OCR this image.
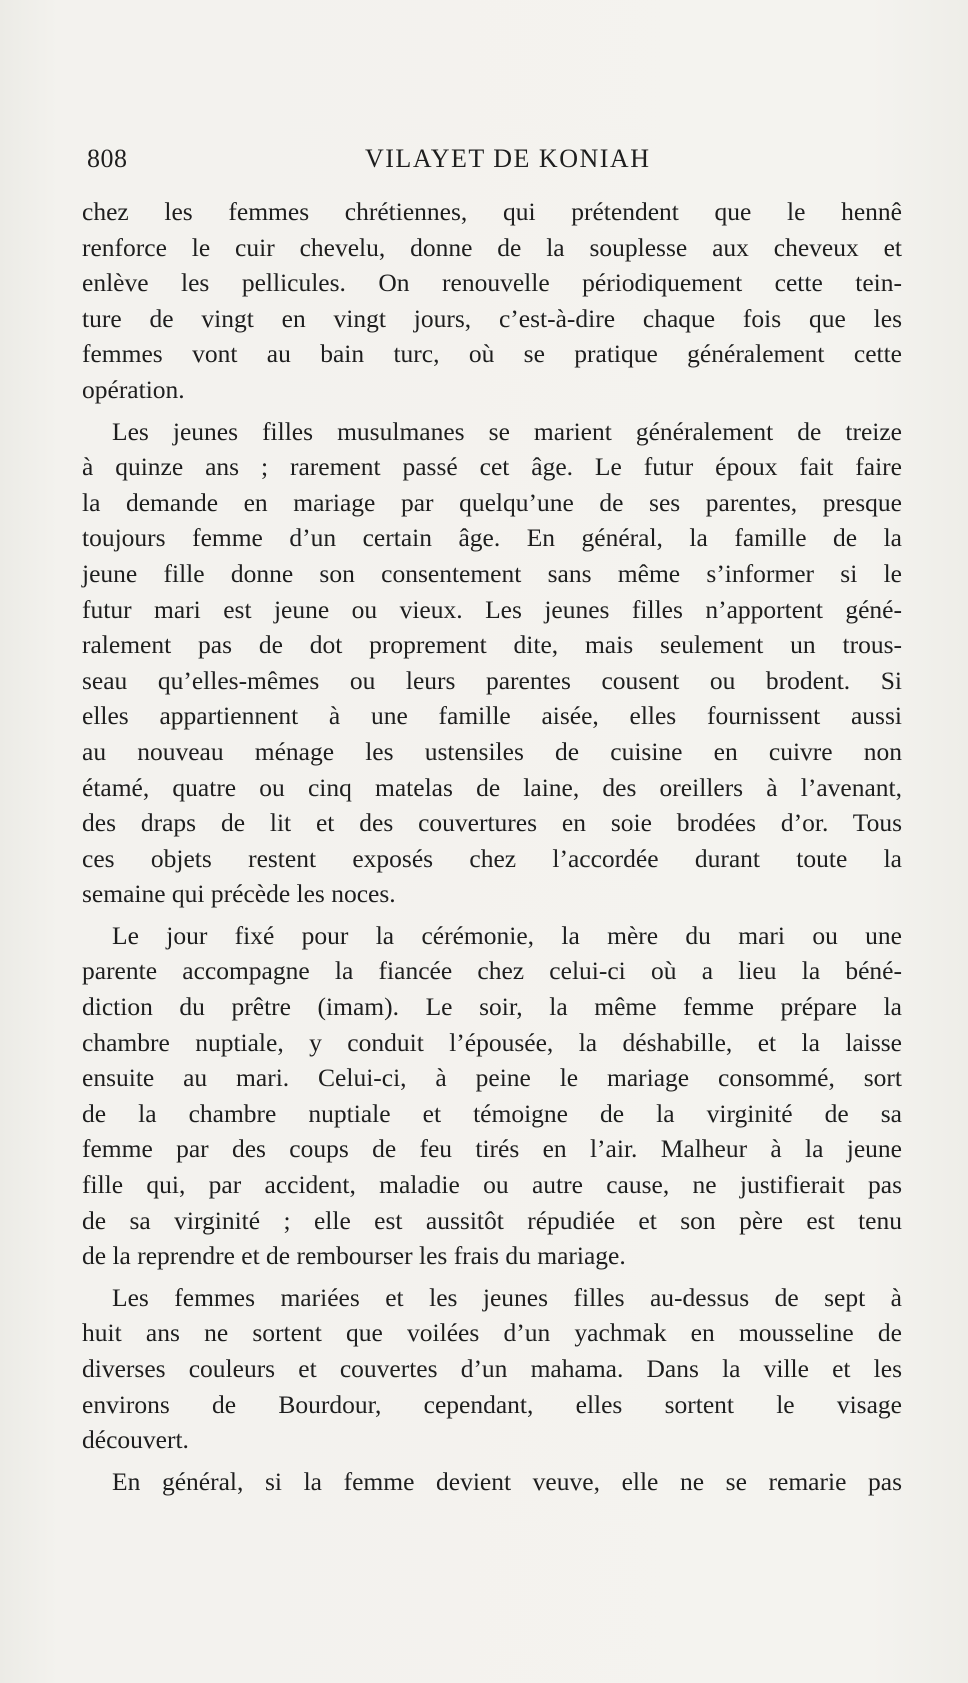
808	VILAYET DE KONIAH
chez les femmes chrétiennes, qui prétendent que le hennê
renforce le cuir chevelu, donne de la souplesse aux cheveux et
enlève les pellicules. On renouvelle périodiquement cette tein-
ture de vingt en vingt jours, c’est-à-dire chaque fois que les
femmes vont au bain turc, où se pratique généralement cette
opération.
Les jeunes filles musulmanes se marient généralement de treize
à quinze ans ; rarement passé cet âge. Le futur époux fait faire
la demande en mariage par quelqu’une de ses parentes, presque
toujours femme d’un certain âge. En général, la famille de la
jeune fille donne son consentement sans même s’informer si le
futur mari est jeune ou vieux. Les jeunes filles n’apportent géné-
ralement pas de dot proprement dite, mais seulement un trous-
seau qu’elles-mêmes ou leurs parentes cousent ou brodent. Si
elles appartiennent à une famille aisée, elles fournissent aussi
au nouveau ménage les ustensiles de cuisine en cuivre non
étamé, quatre ou cinq matelas de laine, des oreillers à l’avenant,
des draps de lit et des couvertures en soie brodées d’or. Tous
ces objets restent exposés chez l’accordée durant toute la
semaine qui précède les noces.
Le jour fixé pour la cérémonie, la mère du mari ou une
parente accompagne la fiancée chez celui-ci où a lieu la béné-
diction du prêtre (imam). Le soir, la même femme prépare la
chambre nuptiale, y conduit l’épousée, la déshabille, et la laisse
ensuite au mari. Celui-ci, à peine le mariage consommé, sort
de la chambre nuptiale et témoigne de la virginité de sa
femme par des coups de feu tirés en l’air. Malheur à la jeune
fille qui, par accident, maladie ou autre cause, ne justifierait pas
de sa virginité ; elle est aussitôt répudiée et son père est tenu
de la reprendre et de rembourser les frais du mariage.
Les femmes mariées et les jeunes filles au-dessus de sept à
huit ans ne sortent que voilées d’un yachmak en mousseline de
diverses couleurs et couvertes d’un mahama. Dans la ville et les
environs de Bourdour, cependant, elles sortent le visage
découvert.
En général, si la femme devient veuve, elle ne se remarie pas
